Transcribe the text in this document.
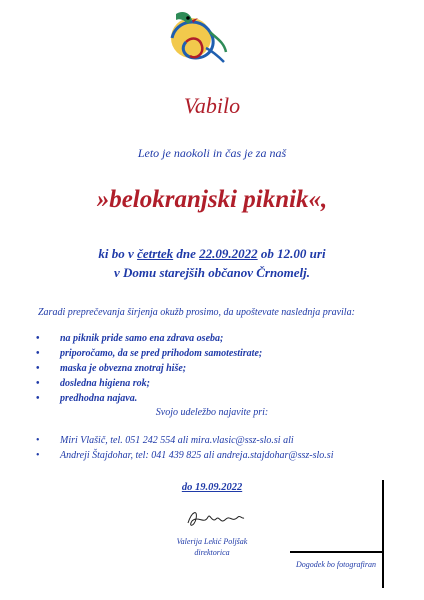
Vabilo
Leto je naokoli in čas je za naš
»belokranjski piknik«,
ki bo v četrtek dne 22.09.2022 ob 12.00 uri
v Domu starejših občanov Črnomelj.
Zaradi preprečevanja širjenja okužb prosimo, da upoštevate naslednja pravila:
• na piknik pride samo ena zdrava oseba;
• priporočamo, da se pred prihodom samotestirate;
• maska je obvezna znotraj hiše;
• dosledna higiena rok;
• predhodna najava.
Svojo udeležbo najavite pri:
• Miri Vlašič, tel. 051 242 554 ali mira.vlasic@ssz-slo.si ali
• Andreji Štajdohar, tel: 041 439 825 ali andreja.stajdohar@ssz-slo.si
do 19.09.2022
Valerija Lekić Poljšak
direktorica
Dogodek bo fotografiran
